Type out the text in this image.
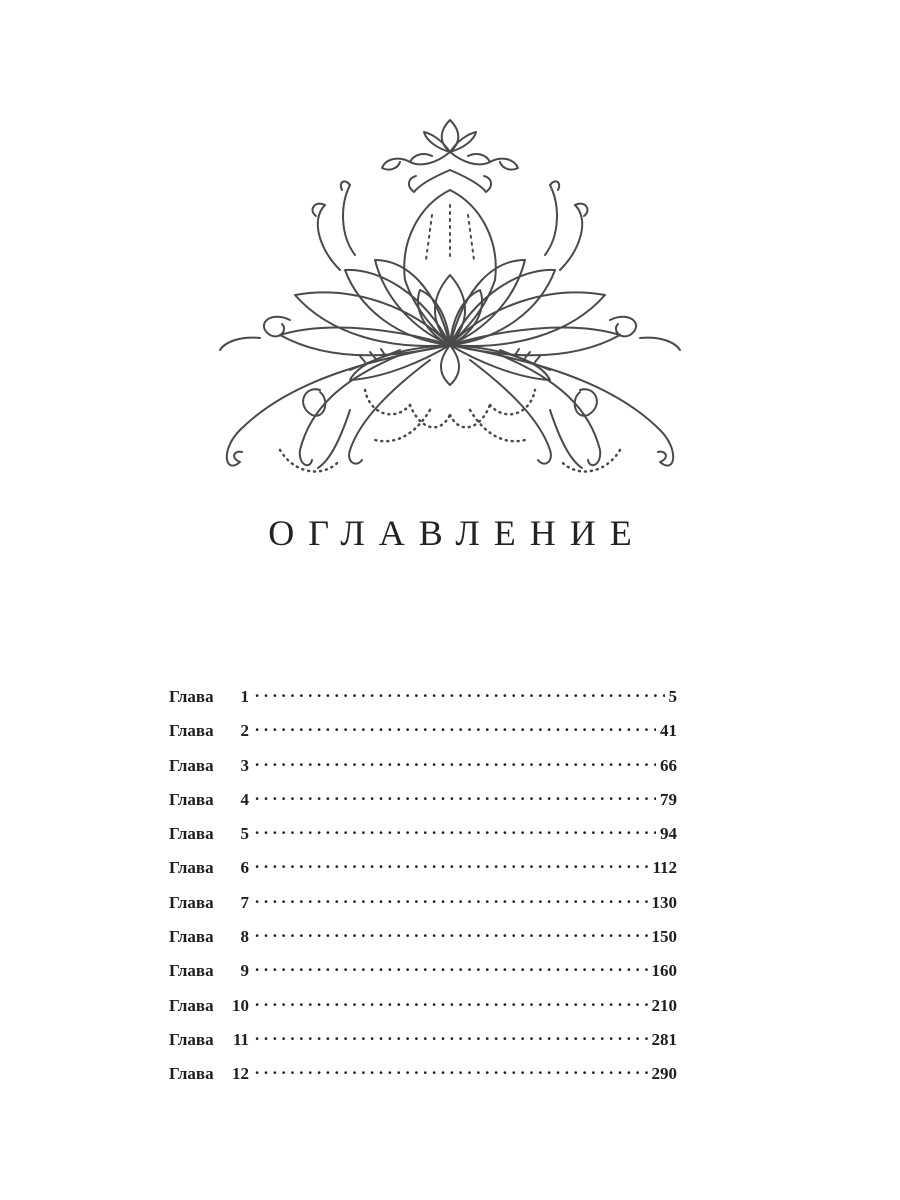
ОГЛАВЛЕНИЕ
Глава	1 .....	5
Глава	2 .....	41
Глава	3 .....	66
Глава	4 .....	79
Глава	5 .....	94
Глава	6 .....	112
Глава	7 .....	130
Глава	8 .....	150
Глава	9 .....	160
Глава	10 .....	210
Глава	11 .....	281
Глава	12 .....	290
